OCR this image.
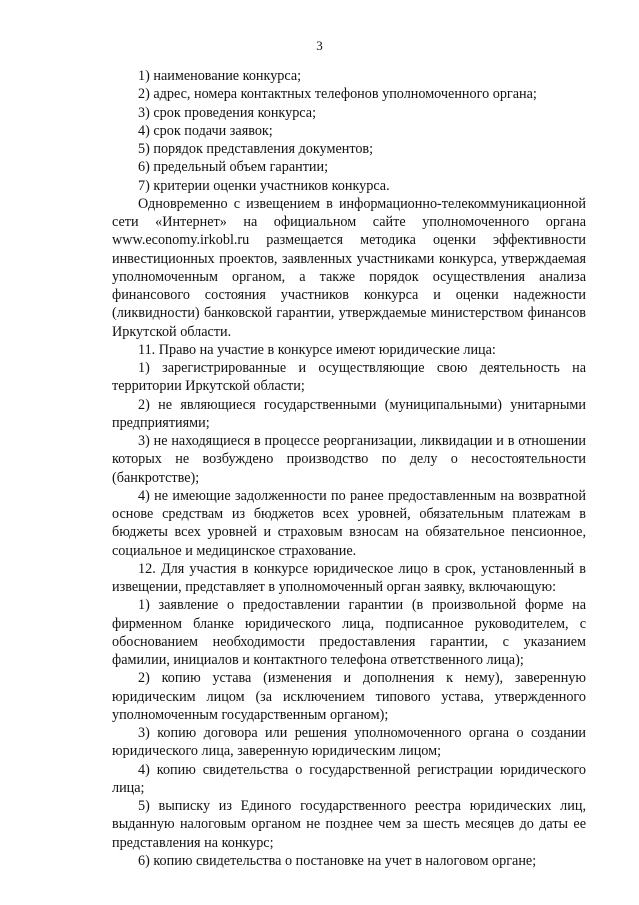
3

1) наименование конкурса;

2) адрес, номера контактных телефонов уполномоченного органа;

3) срок проведения конкурса;

4) срок подачи заявок;

5) порядок представления документов;

6) предельный объем гарантии;

7) критерии оценки участников конкурса.

Одновременно с извещением в информационно-телекоммуникационной сети «Интернет» на официальном сайте уполномоченного органа www.economy.irkobl.ru размещается методика оценки эффективности инвестиционных проектов, заявленных участниками конкурса, утверждаемая уполномоченным органом, а также порядок осуществления анализа финансового состояния участников конкурса и оценки надежности (ликвидности) банковской гарантии, утверждаемые министерством финансов Иркутской области.

11. Право на участие в конкурсе имеют юридические лица:

1) зарегистрированные и осуществляющие свою деятельность на территории Иркутской области;

2) не являющиеся государственными (муниципальными) унитарными предприятиями;

3) не находящиеся в процессе реорганизации, ликвидации и в отношении которых не возбуждено производство по делу о несостоятельности (банкротстве);

4) не имеющие задолженности по ранее предоставленным на возвратной основе средствам из бюджетов всех уровней, обязательным платежам в бюджеты всех уровней и страховым взносам на обязательное пенсионное, социальное и медицинское страхование.

12. Для участия в конкурсе юридическое лицо в срок, установленный в извещении, представляет в уполномоченный орган заявку, включающую:

1) заявление о предоставлении гарантии (в произвольной форме на фирменном бланке юридического лица, подписанное руководителем, с обоснованием необходимости предоставления гарантии, с указанием фамилии, инициалов и контактного телефона ответственного лица);

2) копию устава (изменения и дополнения к нему), заверенную юридическим лицом (за исключением типового устава, утвержденного уполномоченным государственным органом);

3) копию договора или решения уполномоченного органа о создании юридического лица, заверенную юридическим лицом;

4) копию свидетельства о государственной регистрации юридического лица;

5) выписку из Единого государственного реестра юридических лиц, выданную налоговым органом не позднее чем за шесть месяцев до даты ее представления на конкурс;

6) копию свидетельства о постановке на учет в налоговом органе;
